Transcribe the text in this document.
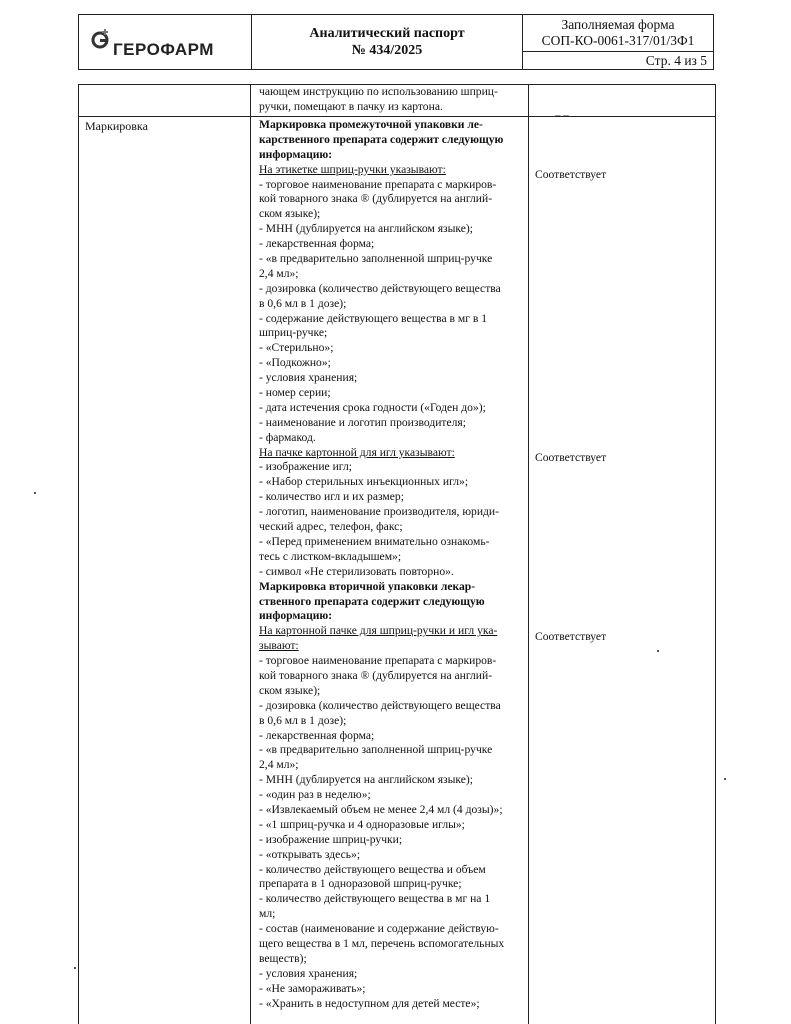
ГЕРОФАРМ
Аналитический паспорт
№ 434/2025
Заполняемая форма
СОП-КО-0061-317/01/3Ф1
Стр. 4 из 5
чающем инструкцию по использованию шприц-
ручки, помещают в пачку из картона.	_ _
Маркировка	Маркировка промежуточной упаковки ле-
карственного препарата содержит следующую
информацию:
На этикетке шприц-ручки указывают:
- торговое наименование препарата с маркиров-
кой товарного знака ® (дублируется на англий-
ском языке);
- МНН (дублируется на английском языке);
- лекарственная форма;
- «в предварительно заполненной шприц-ручке
2,4 мл»;
- дозировка (количество действующего вещества
в 0,6 мл в 1 дозе);
- содержание действующего вещества в мг в 1
шприц-ручке;
- «Стерильно»;
- «Подкожно»;
- условия хранения;
- номер серии;
- дата истечения срока годности («Годен до»);
- наименование и логотип производителя;
- фармакод.
На пачке картонной для игл указывают:
- изображение игл;
- «Набор стерильных инъекционных игл»;
- количество игл и их размер;
- логотип, наименование производителя, юриди-
ческий адрес, телефон, факс;
- «Перед применением внимательно ознакомь-
тесь с листком-вкладышем»;
- символ «Не стерилизовать повторно».
Маркировка вторичной упаковки лекар-
ственного препарата содержит следующую
информацию:
На картонной пачке для шприц-ручки и игл ука-
зывают:
- торговое наименование препарата с маркиров-
кой товарного знака ® (дублируется на англий-
ском языке);
- дозировка (количество действующего вещества
в 0,6 мл в 1 дозе);
- лекарственная форма;
- «в предварительно заполненной шприц-ручке
2,4 мл»;
- МНН (дублируется на английском языке);
- «один раз в неделю»;
- «Извлекаемый объем не менее 2,4 мл (4 дозы)»;
- «1 шприц-ручка и 4 одноразовые иглы»;
- изображение шприц-ручки;
- «открывать здесь»;
- количество действующего вещества и объем
препарата в 1 одноразовой шприц-ручке;
- количество действующего вещества в мг на 1
мл;
- состав (наименование и содержание действую-
щего вещества в 1 мл, перечень вспомогательных
веществ);
- условия хранения;
- «Не замораживать»;
- «Хранить в недоступном для детей месте»;
Соответствует
Соответствует
Соответствует
